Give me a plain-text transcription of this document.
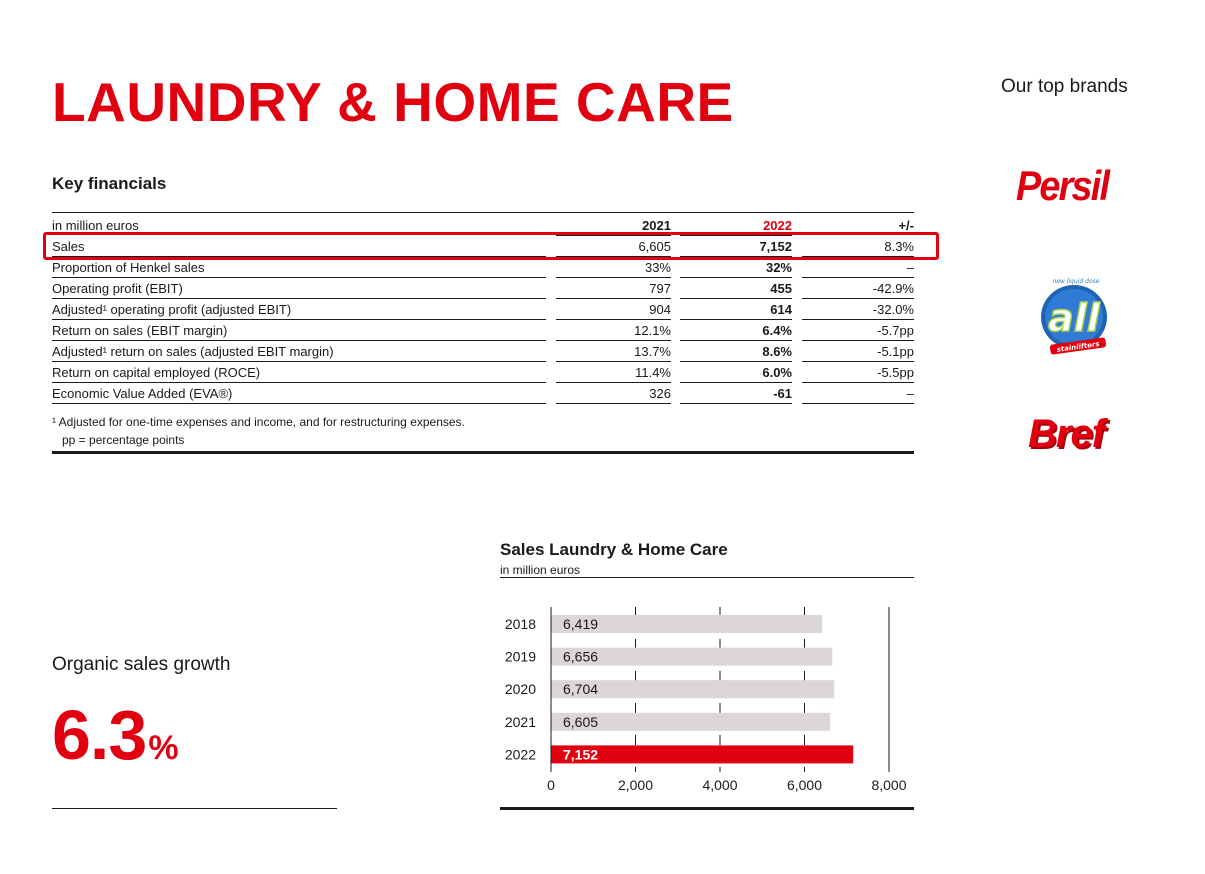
LAUNDRY & HOME CARE	Our top brands
Persil
new liquid dose
all
stainlifters
Bref
Key financials
in million euros	2021	2022	+/-
Sales	6,605	7,152	8.3%
Proportion of Henkel sales	33%	32%	–
Operating profit (EBIT)	797	455	-42.9%
Adjusted¹ operating profit (adjusted EBIT)	904	614	-32.0%
Return on sales (EBIT margin)	12.1%	6.4%	-5.7pp
Adjusted¹ return on sales (adjusted EBIT margin)	13.7%	8.6%	-5.1pp
Return on capital employed (ROCE)	11.4%	6.0%	-5.5pp
Economic Value Added (EVA®)	326	-61	–
¹ Adjusted for one-time expenses and income, and for restructuring expenses.
pp = percentage points
Sales Laundry & Home Care
in million euros
6,419
2018
6,656
2019
6,704
2020
6,605
2021
7,152
2022
0	2,000	4,000	6,000	8,000
Organic sales growth
6.3%
